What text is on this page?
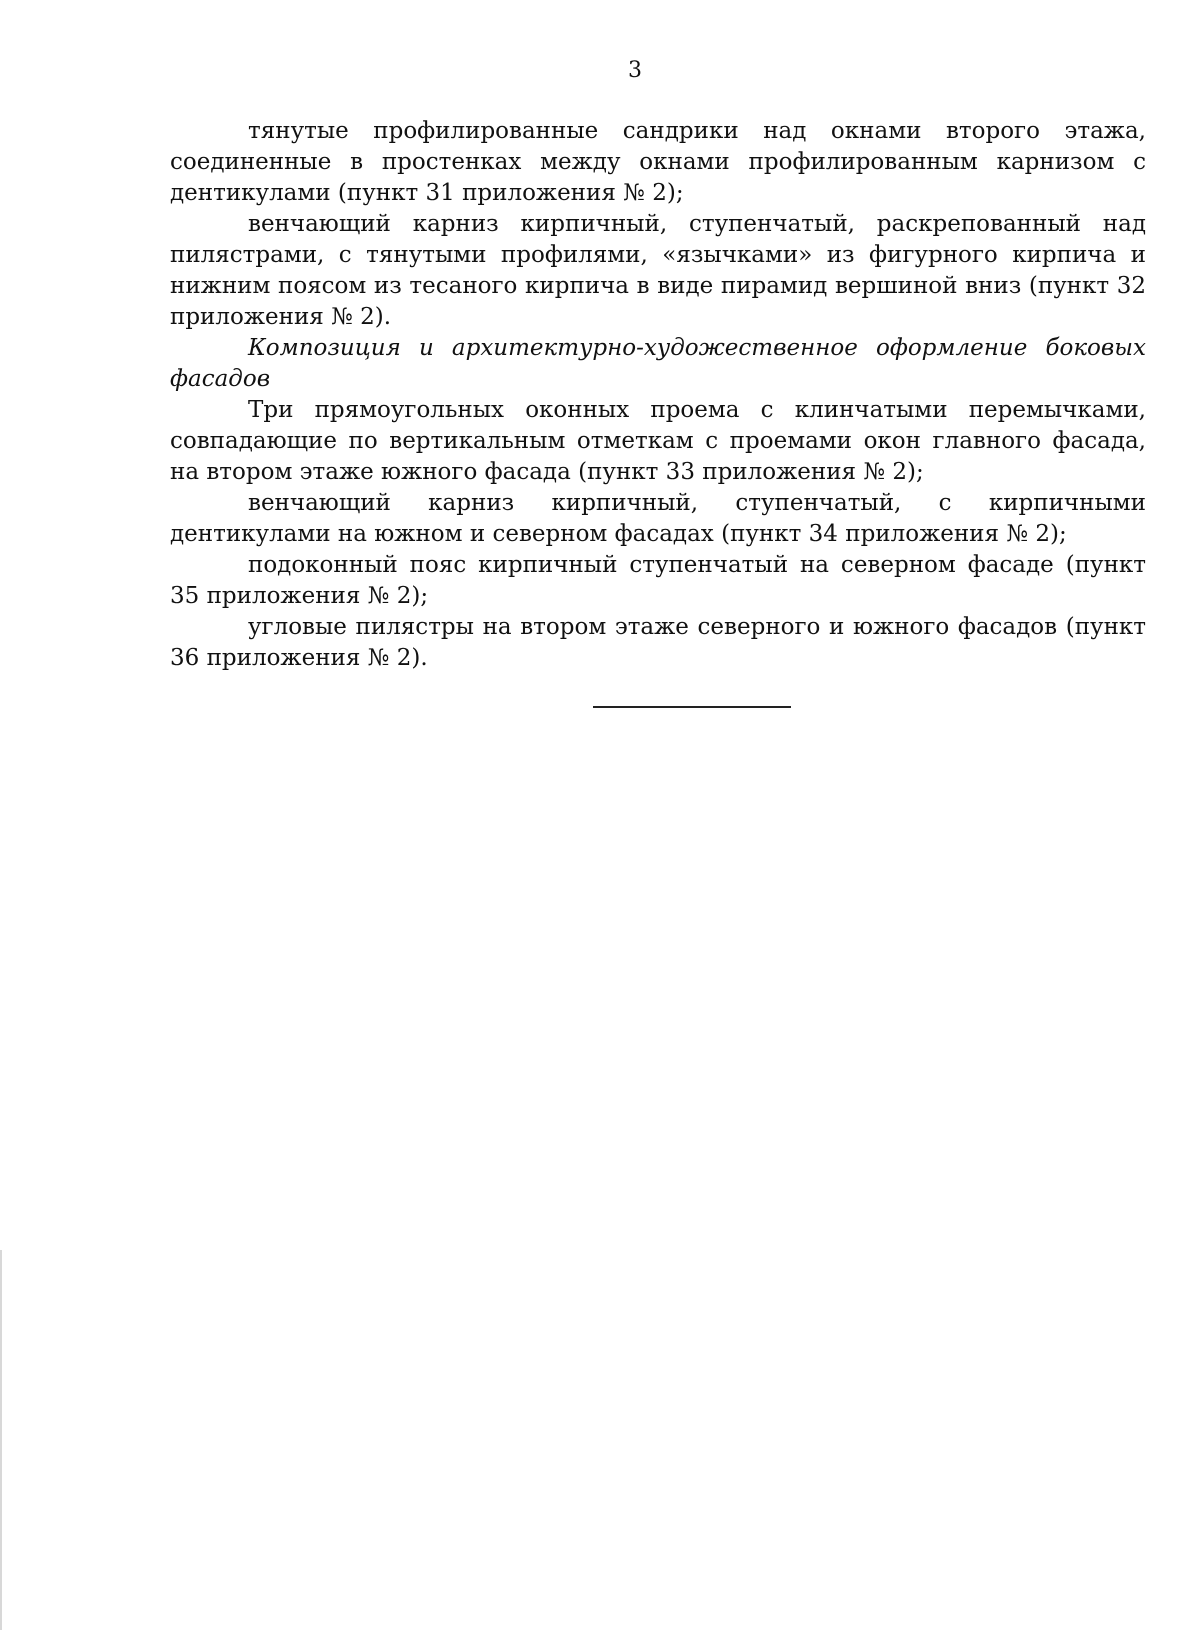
3

тянутые профилированные сандрики над окнами второго этажа, соединенные в простенках между окнами профилированным карнизом с дентикулами (пункт 31 приложения № 2);

венчающий карниз кирпичный, ступенчатый, раскрепованный над пилястрами, с тянутыми профилями, «язычками» из фигурного кирпича и нижним поясом из тесаного кирпича в виде пирамид вершиной вниз (пункт 32 приложения № 2).

Композиция и архитектурно-художественное оформление боковых фасадов

Три прямоугольных оконных проема с клинчатыми перемычками, совпадающие по вертикальным отметкам с проемами окон главного фасада, на втором этаже южного фасада (пункт 33 приложения № 2);

венчающий карниз кирпичный, ступенчатый, с кирпичными дентикулами на южном и северном фасадах (пункт 34 приложения № 2);

подоконный пояс кирпичный ступенчатый на северном фасаде (пункт 35 приложения № 2);

угловые пилястры на втором этаже северного и южного фасадов (пункт 36 приложения № 2).
